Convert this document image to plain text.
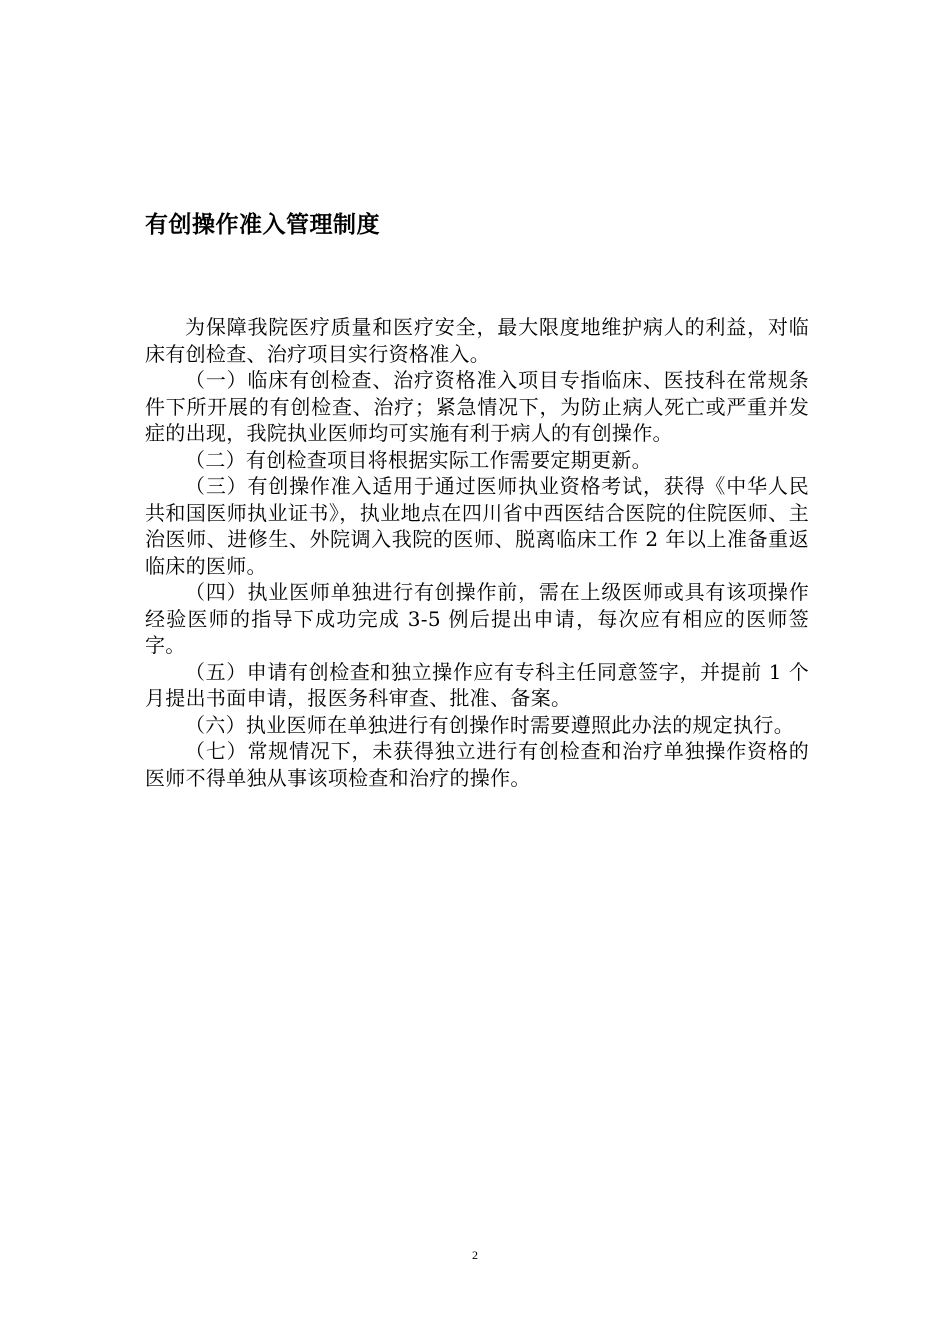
有创操作准入管理制度

为保障我院医疗质量和医疗安全，最大限度地维护病人的利益，对临床有创检查、治疗项目实行资格准入。

（一）临床有创检查、治疗资格准入项目专指临床、医技科在常规条件下所开展的有创检查、治疗；紧急情况下，为防止病人死亡或严重并发症的出现，我院执业医师均可实施有利于病人的有创操作。

（二）有创检查项目将根据实际工作需要定期更新。

（三）有创操作准入适用于通过医师执业资格考试，获得《中华人民共和国医师执业证书》，执业地点在四川省中西医结合医院的住院医师、主治医师、进修生、外院调入我院的医师、脱离临床工作 2 年以上准备重返临床的医师。

（四）执业医师单独进行有创操作前，需在上级医师或具有该项操作经验医师的指导下成功完成 3-5 例后提出申请，每次应有相应的医师签字。

（五）申请有创检查和独立操作应有专科主任同意签字，并提前 1 个月提出书面申请，报医务科审查、批准、备案。

（六）执业医师在单独进行有创操作时需要遵照此办法的规定执行。

（七）常规情况下，未获得独立进行有创检查和治疗单独操作资格的医师不得单独从事该项检查和治疗的操作。

2
